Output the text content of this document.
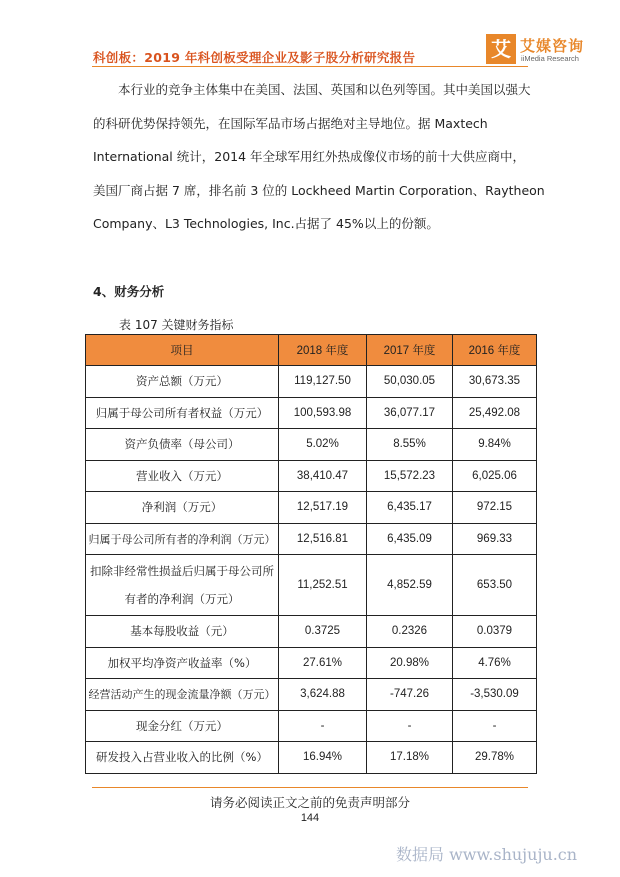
科创板：2019 年科创板受理企业及影子股分析研究报告	艾 艾媒咨询
iiMedia Research
本行业的竞争主体集中在美国、法国、英国和以色列等国。其中美国以强大
的科研优势保持领先，在国际军品市场占据绝对主导地位。据 Maxtech
International 统计，2014 年全球军用红外热成像仪市场的前十大供应商中，
美国厂商占据 7 席，排名前 3 位的 Lockheed Martin Corporation、Raytheon
Company、L3 Technologies, Inc.占据了 45%以上的份额。
4、财务分析
表 107 关键财务指标
项目	2018 年度	2017 年度	2016 年度
资产总额（万元）	119,127.50	50,030.05	30,673.35
归属于母公司所有者权益（万元）	100,593.98	36,077.17	25,492.08
资产负债率（母公司）	5.02%	8.55%	9.84%
营业收入（万元）	38,410.47	15,572.23	6,025.06
净利润（万元）	12,517.19	6,435.17	972.15
归属于母公司所有者的净利润（万元）	12,516.81	6,435.09	969.33

扣除非经常性损益后归属于母公司所有者的净利润（万元）	11,252.51	4,852.59	653.50
基本每股收益（元）	0.3725	0.2326	0.0379
加权平均净资产收益率（%）	27.61%	20.98%	4.76%
经营活动产生的现金流量净额（万元）	3,624.88	-747.26	-3,530.09
现金分红（万元）	-	-	-
研发投入占营业收入的比例（%）	16.94%	17.18%	29.78%
请务必阅读正文之前的免责声明部分
144
数据局 www.shujuju.cn
